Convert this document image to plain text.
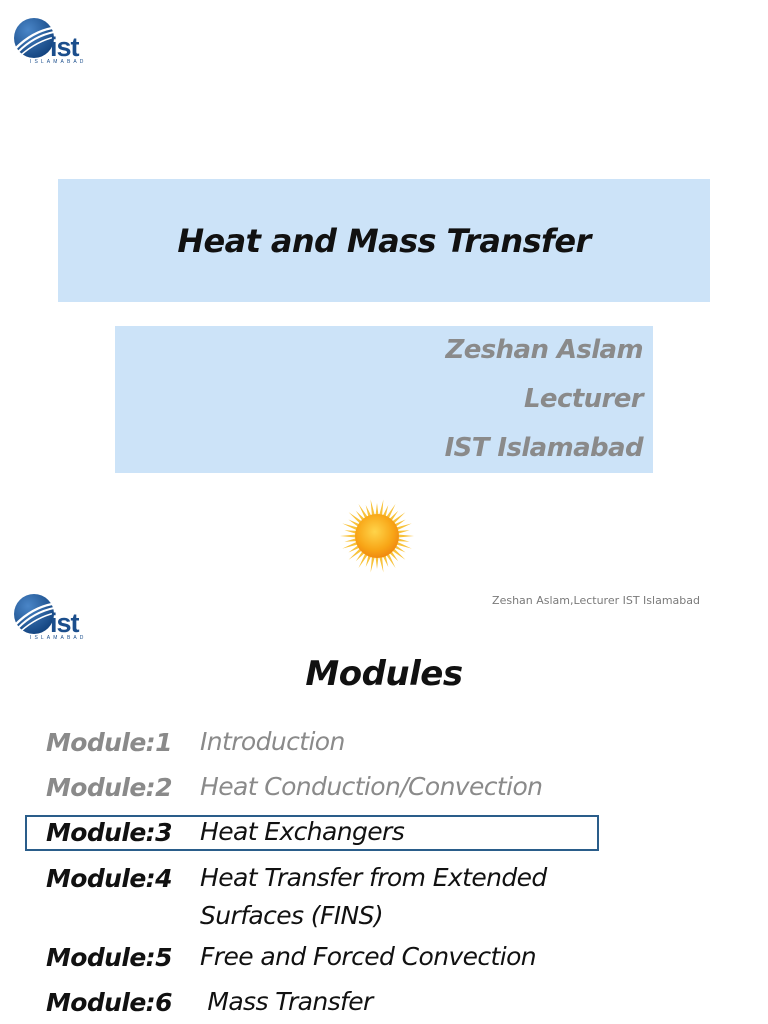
ist
ISLAMABAD
Heat and Mass Transfer
Zeshan Aslam
Lecturer
IST Islamabad
ist
ISLAMABAD
Zeshan Aslam,Lecturer IST Islamabad
Modules
Module:1	Introduction
Module:2	Heat Conduction/Convection
Module:3	Heat Exchangers
Module:4	Heat Transfer from Extended Surfaces (FINS)
Module:5	Free and Forced Convection
Module:6	Mass Transfer
